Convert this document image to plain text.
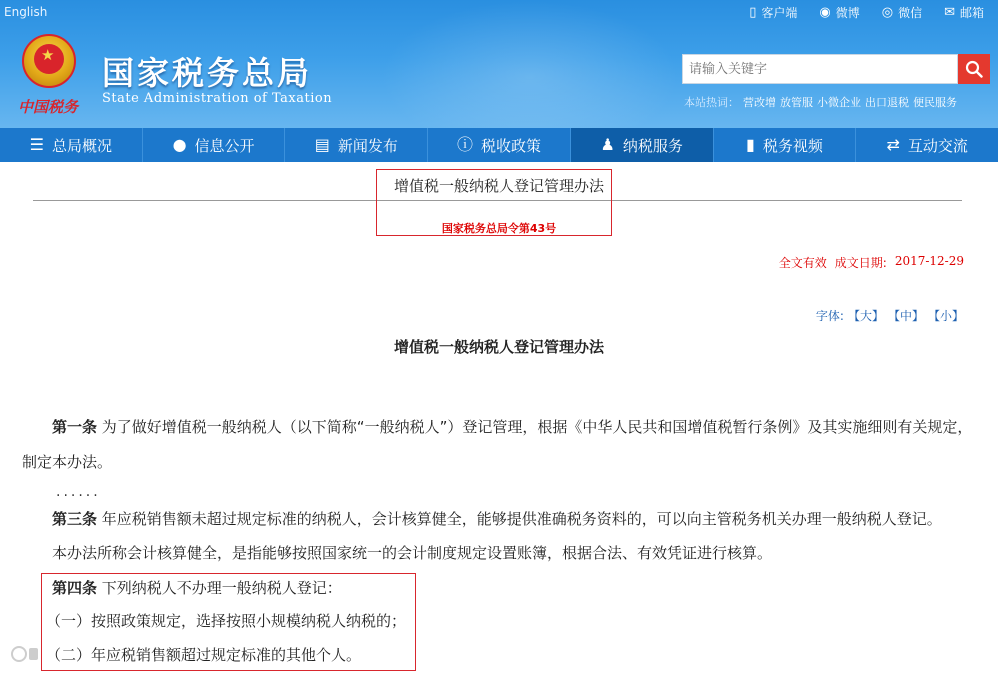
English	▯ 客户端 ◉ 微博 ◎ 微信 ✉ 邮箱
★
中国税务
国家税务总局
State Administration of Taxation
请输入关键字	本站热词： 营改增 放管服 小微企业 出口退税 便民服务
☰ 总局概况	● 信息公开	▤ 新闻发布	ⓘ 税收政策	♟ 纳税服务	▮ 税务视频	⇄ 互动交流
增值税一般纳税人登记管理办法
国家税务总局令第43号
全文有效 成文日期: 2017-12-29
字体: 【大】 【中】 【小】
增值税一般纳税人登记管理办法
第一条 为了做好增值税一般纳税人（以下简称“一般纳税人”）登记管理，根据《中华人民共和国增值税暂行条例》及其实施细则有关规定，制定本办法。
......
第三条 年应税销售额未超过规定标准的纳税人，会计核算健全，能够提供准确税务资料的，可以向主管税务机关办理一般纳税人登记。
本办法所称会计核算健全，是指能够按照国家统一的会计制度规定设置账簿，根据合法、有效凭证进行核算。
第四条 下列纳税人不办理一般纳税人登记：
（一）按照政策规定，选择按照小规模纳税人纳税的；
（二）年应税销售额超过规定标准的其他个人。
